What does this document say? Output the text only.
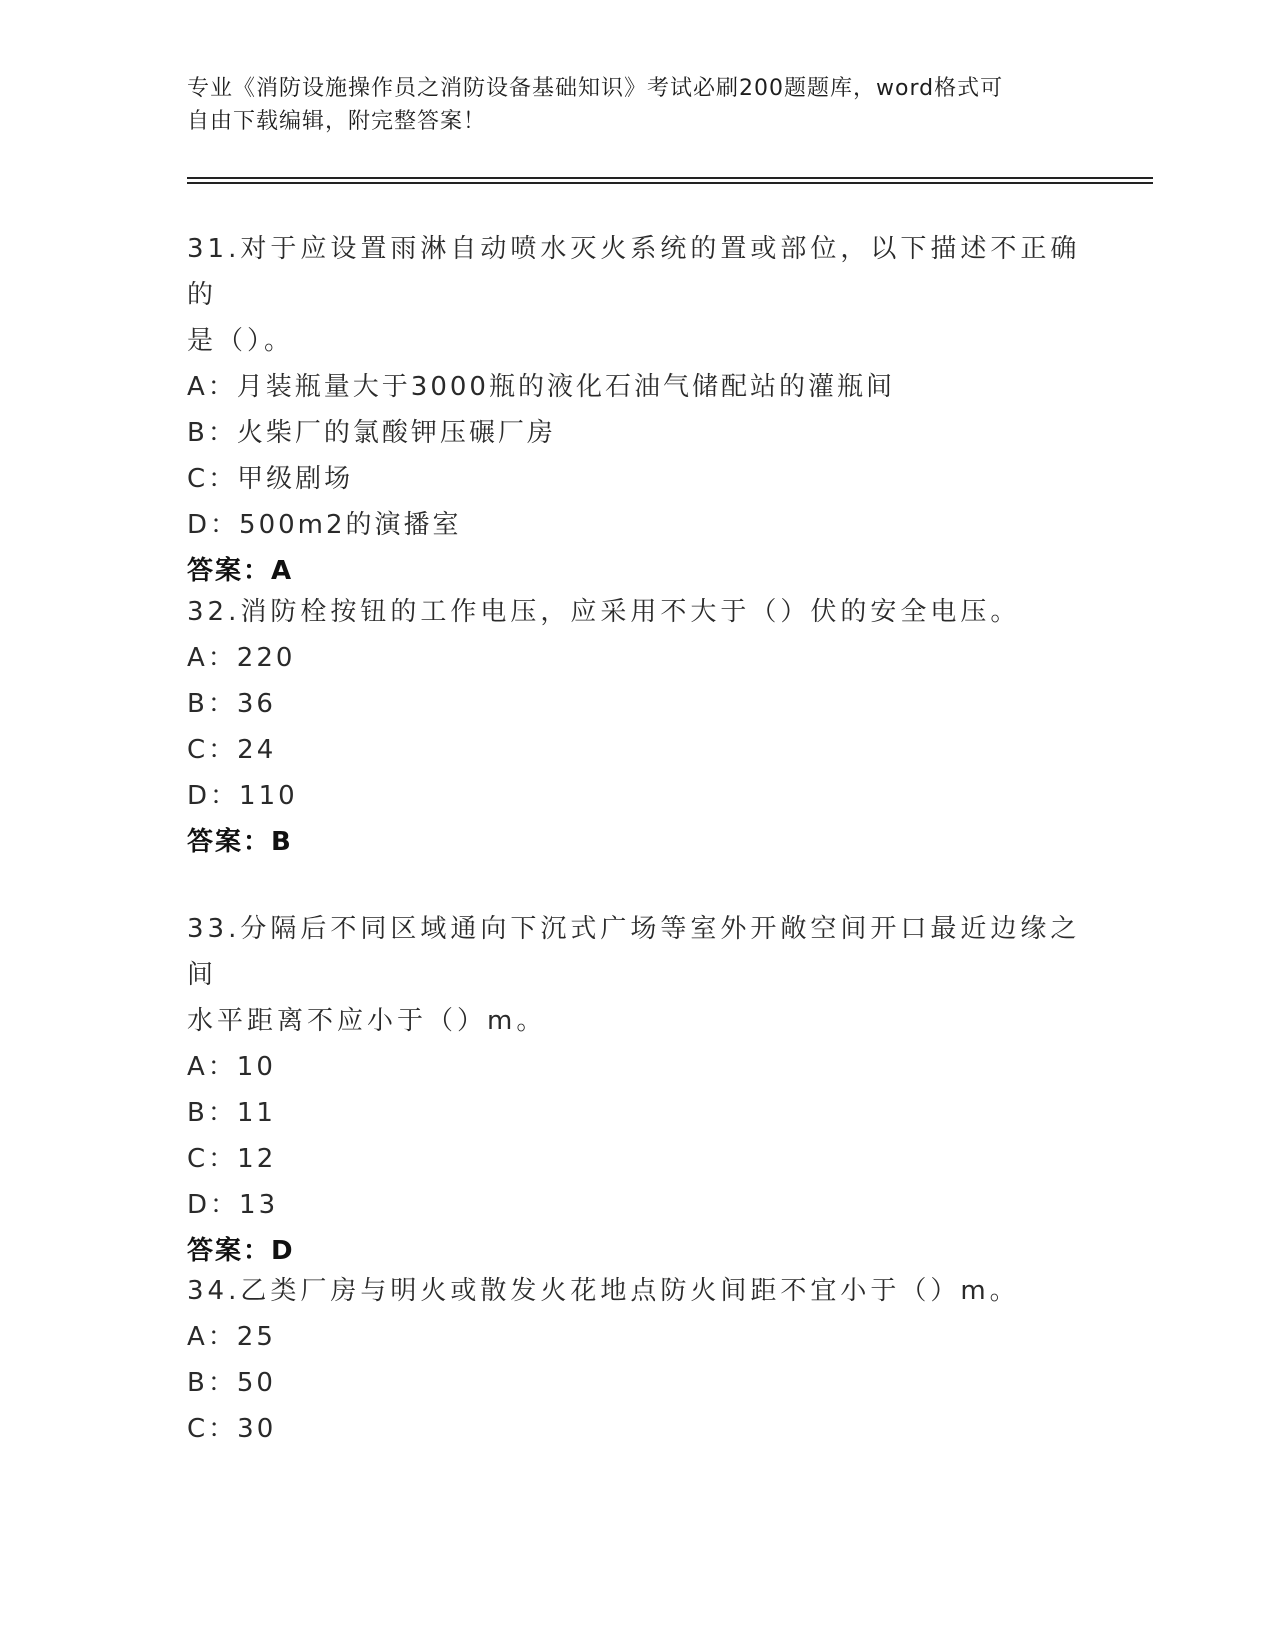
专业《消防设施操作员之消防设备基础知识》考试必刷200题题库，word格式可
自由下载编辑，附完整答案！

31.对于应设置雨淋自动喷水灭火系统的置或部位，以下描述不正确的

是（）。

A：月装瓶量大于3000瓶的液化石油气储配站的灌瓶间

B：火柴厂的氯酸钾压碾厂房

C：甲级剧场

D：500m2的演播室

答案：A

32.消防栓按钮的工作电压，应采用不大于（）伏的安全电压。

A：220

B：36

C：24

D：110

答案：B

33.分隔后不同区域通向下沉式广场等室外开敞空间开口最近边缘之间

水平距离不应小于（）m。

A：10

B：11

C：12

D：13

答案：D

34.乙类厂房与明火或散发火花地点防火间距不宜小于（）m。

A：25

B：50

C：30
